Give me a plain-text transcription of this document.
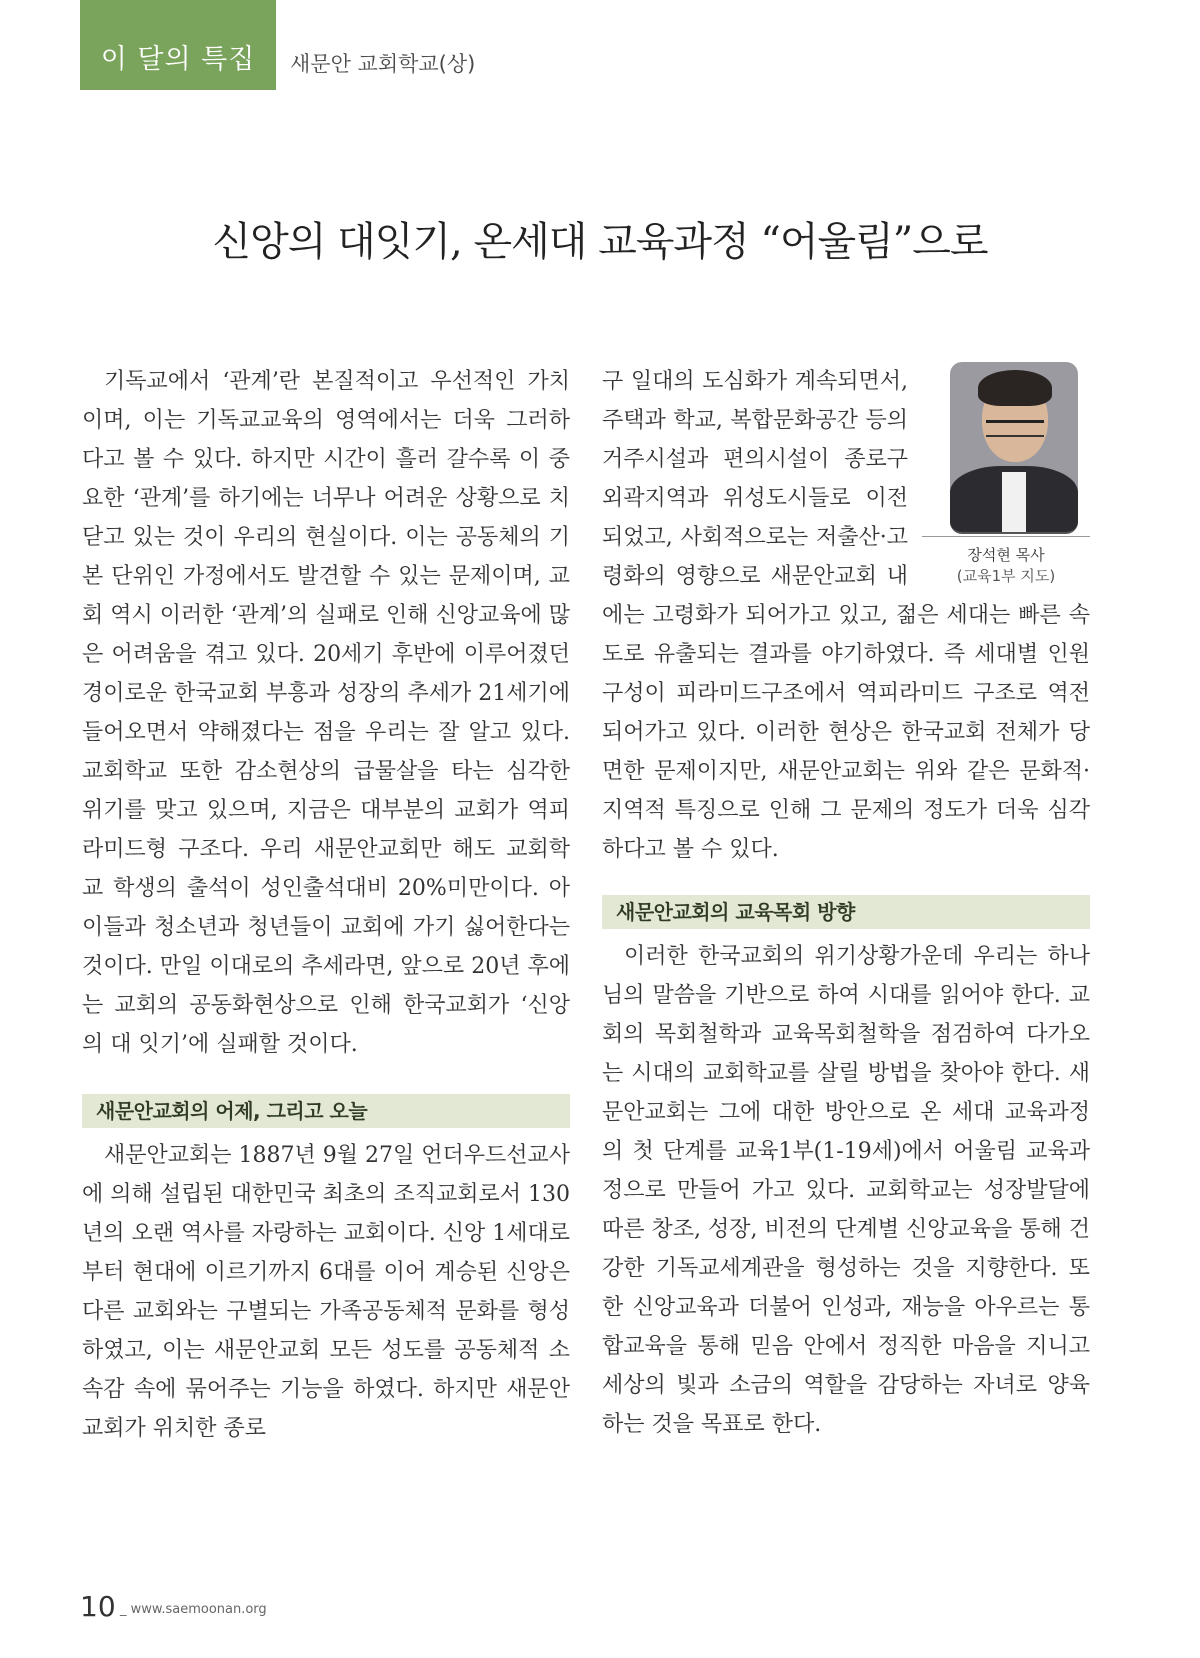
이 달의 특집	새문안 교회학교(상)
신앙의 대잇기, 온세대 교육과정 “어울림”으로

기독교에서 ‘관계’란 본질적이고 우선적인 가치이며, 이는 기독교교육의 영역에서는 더욱 그러하다고 볼 수 있다. 하지만 시간이 흘러 갈수록 이 중요한 ‘관계’를 하기에는 너무나 어려운 상황으로 치닫고 있는 것이 우리의 현실이다. 이는 공동체의 기본 단위인 가정에서도 발견할 수 있는 문제이며, 교회 역시 이러한 ‘관계’의 실패로 인해 신앙교육에 많은 어려움을 겪고 있다. 20세기 후반에 이루어졌던 경이로운 한국교회 부흥과 성장의 추세가 21세기에 들어오면서 약해졌다는 점을 우리는 잘 알고 있다. 교회학교 또한 감소현상의 급물살을 타는 심각한 위기를 맞고 있으며, 지금은 대부분의 교회가 역피라미드형 구조다. 우리 새문안교회만 해도 교회학교 학생의 출석이 성인출석대비 20%미만이다. 아이들과 청소년과 청년들이 교회에 가기 싫어한다는 것이다. 만일 이대로의 추세라면, 앞으로 20년 후에는 교회의 공동화현상으로 인해 한국교회가 ‘신앙의 대 잇기’에 실패할 것이다.

새문안교회의 어제, 그리고 오늘

새문안교회는 1887년 9월 27일 언더우드선교사에 의해 설립된 대한민국 최초의 조직교회로서 130년의 오랜 역사를 자랑하는 교회이다. 신앙 1세대로부터 현대에 이르기까지 6대를 이어 계승된 신앙은 다른 교회와는 구별되는 가족공동체적 문화를 형성하였고, 이는 새문안교회 모든 성도를 공동체적 소속감 속에 묶어주는 기능을 하였다. 하지만 새문안교회가 위치한 종로

장석현 목사
(교육1부 지도)

구 일대의 도심화가 계속되면서, 주택과 학교, 복합문화공간 등의 거주시설과 편의시설이 종로구 외곽지역과 위성도시들로 이전되었고, 사회적으로는 저출산·고령화의 영향으로 새문안교회 내에는 고령화가 되어가고 있고, 젊은 세대는 빠른 속도로 유출되는 결과를 야기하였다. 즉 세대별 인원 구성이 피라미드구조에서 역피라미드 구조로 역전되어가고 있다. 이러한 현상은 한국교회 전체가 당면한 문제이지만, 새문안교회는 위와 같은 문화적·지역적 특징으로 인해 그 문제의 정도가 더욱 심각하다고 볼 수 있다.

새문안교회의 교육목회 방향

이러한 한국교회의 위기상황가운데 우리는 하나님의 말씀을 기반으로 하여 시대를 읽어야 한다. 교회의 목회철학과 교육목회철학을 점검하여 다가오는 시대의 교회학교를 살릴 방법을 찾아야 한다. 새문안교회는 그에 대한 방안으로 온 세대 교육과정의 첫 단계를 교육1부(1-19세)에서 어울림 교육과정으로 만들어 가고 있다. 교회학교는 성장발달에 따른 창조, 성장, 비전의 단계별 신앙교육을 통해 건강한 기독교세계관을 형성하는 것을 지향한다. 또한 신앙교육과 더불어 인성과, 재능을 아우르는 통합교육을 통해 믿음 안에서 정직한 마음을 지니고 세상의 빛과 소금의 역할을 감당하는 자녀로 양육하는 것을 목표로 한다.

10 _ www.saemoonan.org
